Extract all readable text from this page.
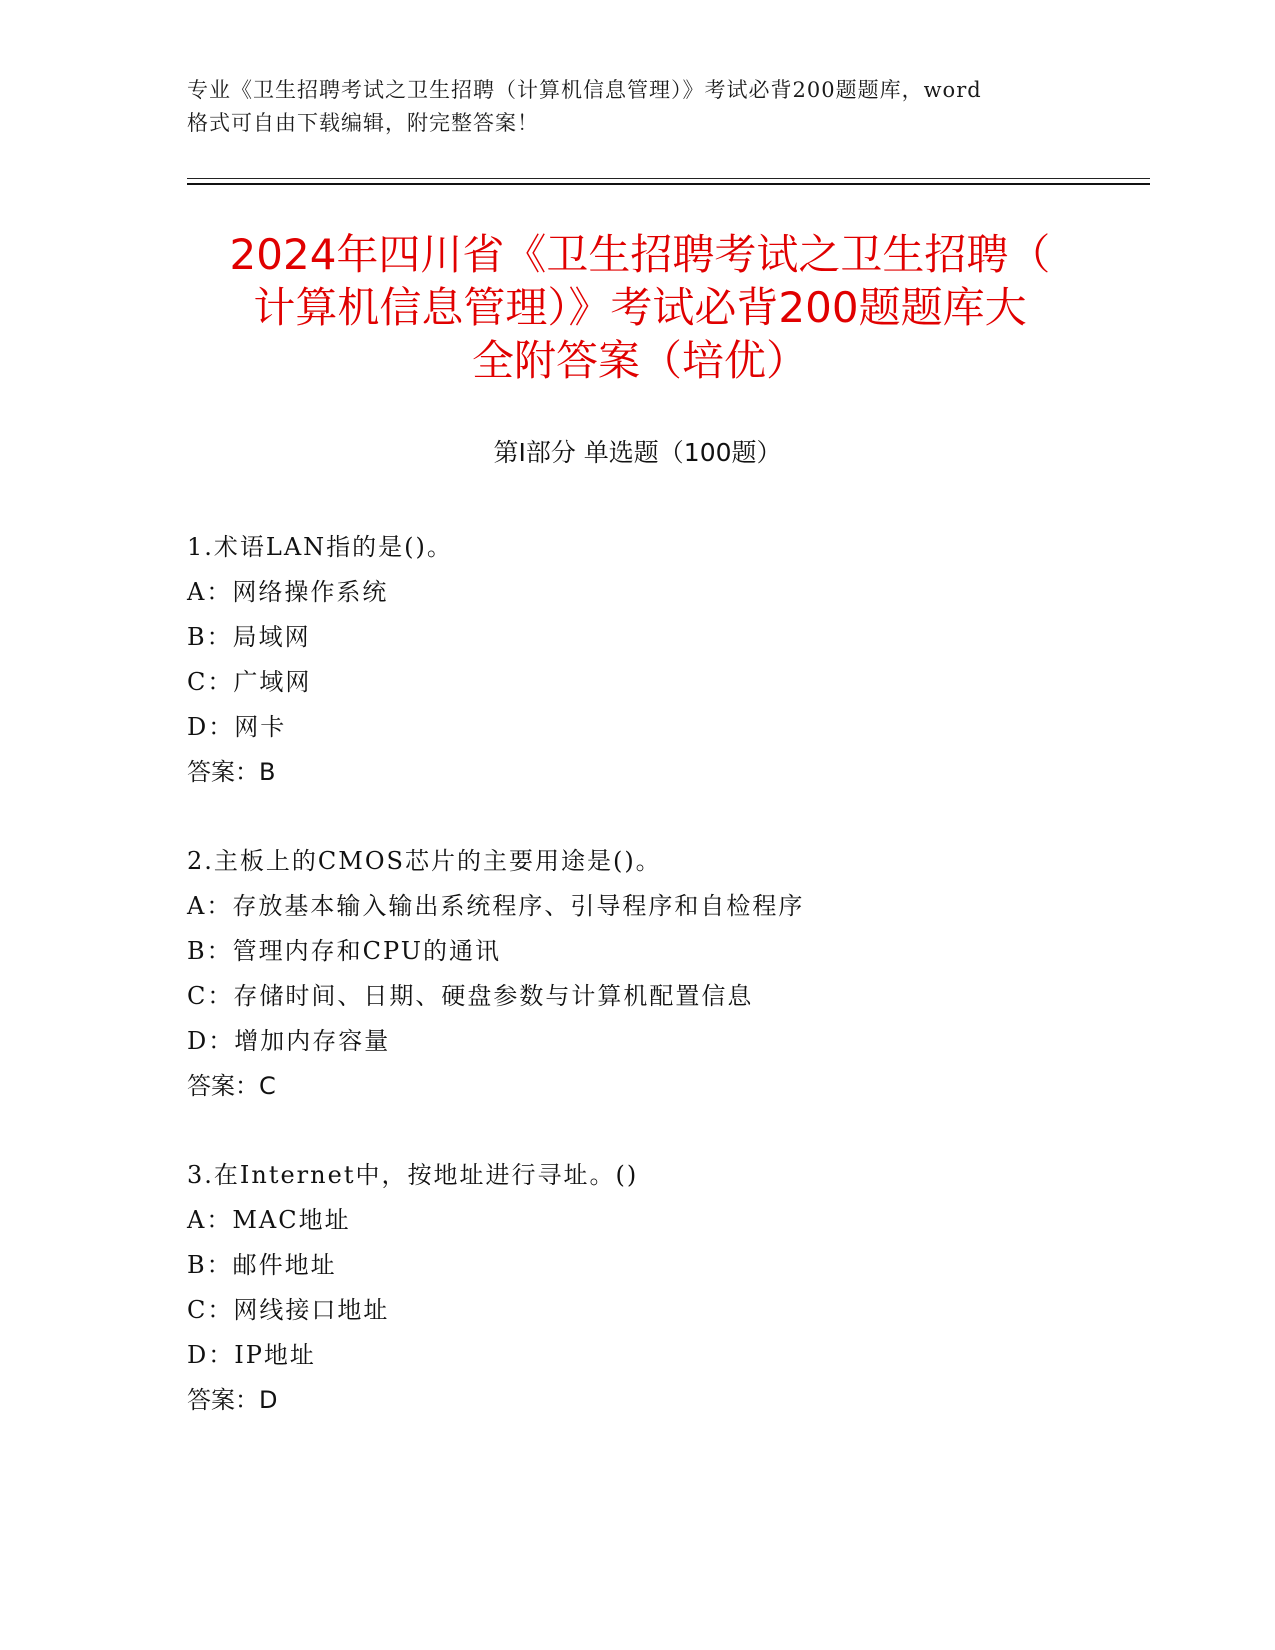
专业《卫生招聘考试之卫生招聘（计算机信息管理）》考试必背200题题库，word
格式可自由下载编辑，附完整答案！
2024年四川省《卫生招聘考试之卫生招聘（
计算机信息管理）》考试必背200题题库大
全附答案（培优）
第Ⅰ部分 单选题（100题）
1.术语LAN指的是()。
A：网络操作系统
B：局域网
C：广域网
D：网卡
答案：B
2.主板上的CMOS芯片的主要用途是()。
A：存放基本输入输出系统程序、引导程序和自检程序
B：管理内存和CPU的通讯
C：存储时间、日期、硬盘参数与计算机配置信息
D：增加内存容量
答案：C
3.在Internet中，按地址进行寻址。()
A：MAC地址
B：邮件地址
C：网线接口地址
D：IP地址
答案：D
